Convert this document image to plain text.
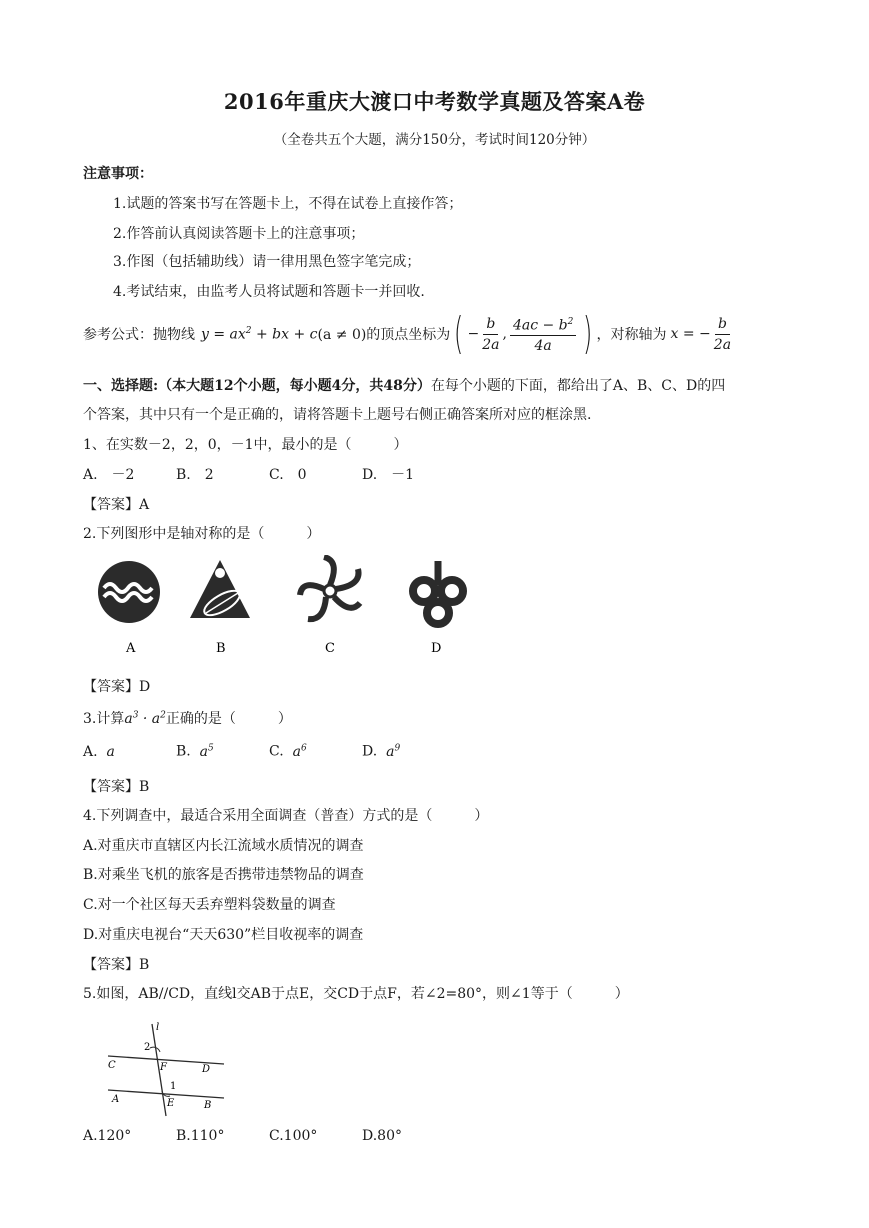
2016年重庆大渡口中考数学真题及答案A卷
（全卷共五个大题，满分150分，考试时间120分钟）
注意事项：
1.试题的答案书写在答题卡上，不得在试卷上直接作答；
2.作答前认真阅读答题卡上的注意事项；
3.作图（包括辅助线）请一律用黑色签字笔完成；
4.考试结束，由监考人员将试题和答题卡一并回收.
参考公式：抛物线 $y = ax^2$ + bx + c (a ≠ 0)的顶点坐标为 ( − $\frac{b}{2a}$ , $\frac{4ac - b^2}{4a}$ ) ，对称轴为 x = − $\frac{b}{2a}$
一、选择题:（本大题12个小题，每小题4分，共48分）在每个小题的下面，都给出了A、B、C、D的四
个答案，其中只有一个是正确的，请将答题卡上题号右侧正确答案所对应的框涂黑.
1、在实数－2，2，0，－1中，最小的是（　　　）
A.　－2	B.　2	C.　0	D.　－1
【答案】A
2.下列图形中是轴对称的是（　　　）
A	B	C	D
【答案】D
3.计算$a^3 \cdot a^2$正确的是（　　　）
A. a	B. $a^5$	C. $a^6$	D. $a^9$
【答案】B
4.下列调查中，最适合采用全面调查（普查）方式的是（　　　）
A.对重庆市直辖区内长江流域水质情况的调查
B.对乘坐飞机的旅客是否携带违禁物品的调查
C.对一个社区每天丢弃塑料袋数量的调查
D.对重庆电视台“天天630”栏目收视率的调查
【答案】B
5.如图，AB//CD，直线l交AB于点E，交CD于点F，若∠2=80°，则∠1等于（　　　）
l
2
C	F	D
1
A	E	B
A.120°	B.110°	C.100°	D.80°
